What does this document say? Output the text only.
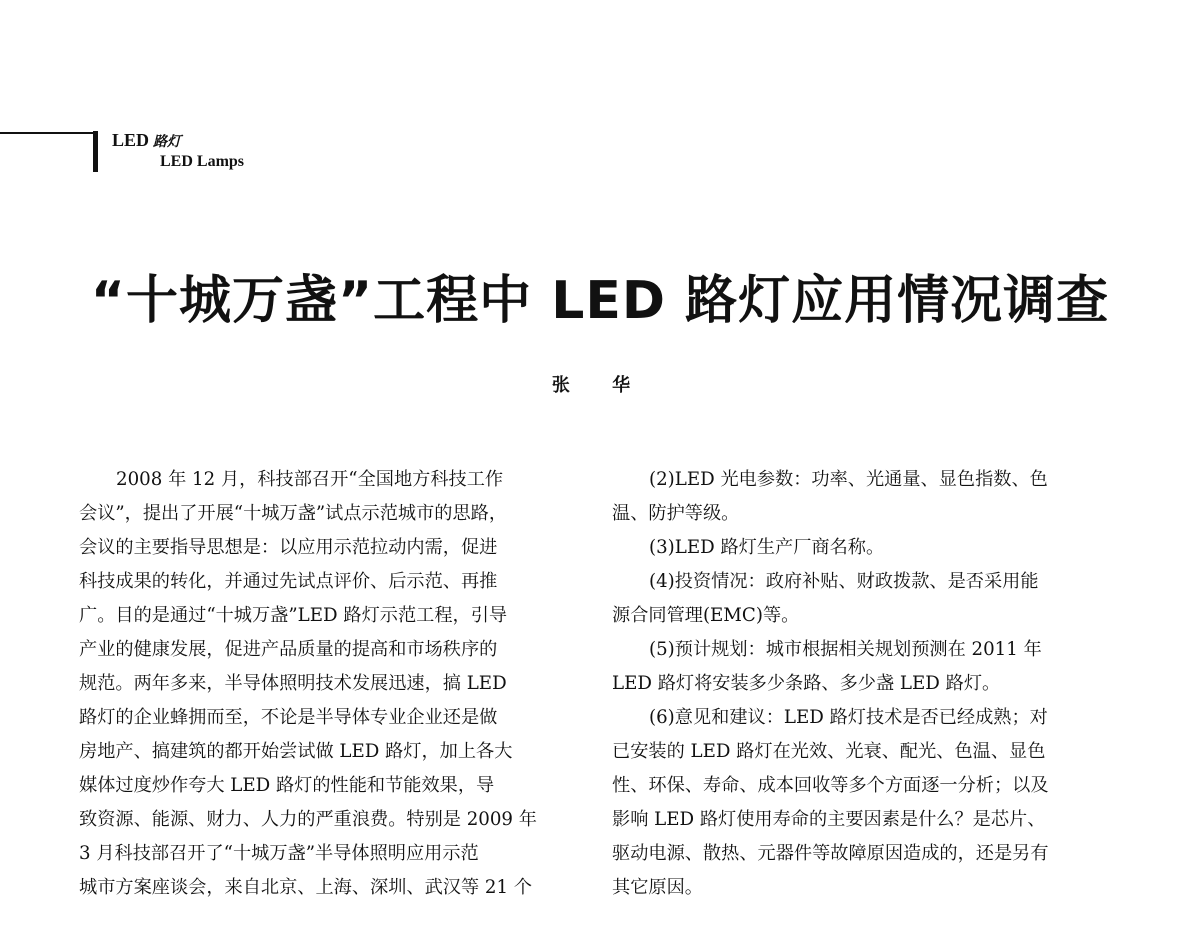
LED 路灯
LED Lamps
“十城万盏”工程中 LED 路灯应用情况调查
张 华
2008 年 12 月，科技部召开“全国地方科技工作
会议”，提出了开展“十城万盏”试点示范城市的思路，
会议的主要指导思想是：以应用示范拉动内需，促进
科技成果的转化，并通过先试点评价、后示范、再推
广。目的是通过“十城万盏”LED 路灯示范工程，引导
产业的健康发展，促进产品质量的提高和市场秩序的
规范。两年多来，半导体照明技术发展迅速，搞 LED
路灯的企业蜂拥而至，不论是半导体专业企业还是做
房地产、搞建筑的都开始尝试做 LED 路灯，加上各大
媒体过度炒作夸大 LED 路灯的性能和节能效果，导
致资源、能源、财力、人力的严重浪费。特别是 2009 年
3 月科技部召开了“十城万盏”半导体照明应用示范
城市方案座谈会，来自北京、上海、深圳、武汉等 21 个
(2)LED 光电参数：功率、光通量、显色指数、色
温、防护等级。
(3)LED 路灯生产厂商名称。
(4)投资情况：政府补贴、财政拨款、是否采用能
源合同管理(EMC)等。
(5)预计规划：城市根据相关规划预测在 2011 年
LED 路灯将安装多少条路、多少盏 LED 路灯。
(6)意见和建议：LED 路灯技术是否已经成熟；对
已安装的 LED 路灯在光效、光衰、配光、色温、显色
性、环保、寿命、成本回收等多个方面逐一分析；以及
影响 LED 路灯使用寿命的主要因素是什么？是芯片、
驱动电源、散热、元器件等故障原因造成的，还是另有
其它原因。
